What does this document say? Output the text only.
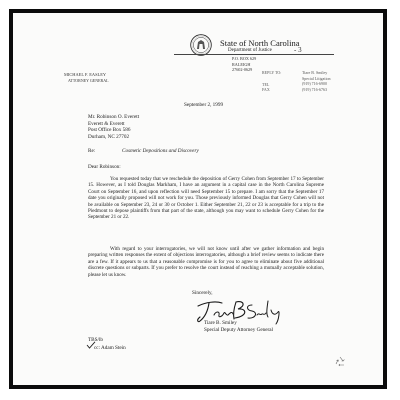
- 3
State of North Carolina
Department of Justice
P.O. BOX 629
RALEIGH
27602-0629
MICHAEL F. EASLEY
ATTORNEY GENERAL
REPLY TO:
TEL
FAX
Tiare B. Smiley
Special Litigation
(919) 716-6900
(919) 716-6763
September 2, 1999
Mr. Robinson O. Everett
Everett & Everett
Post Office Box 586
Durham, NC 27702
Re:	Cosmetic Depositions and Discovery
Dear Robinson:
You requested today that we reschedule the deposition of Gerry Cohen from September 17 to September 15. However, as I told Douglas Markham, I have an argument in a capital case in the North Carolina Supreme Court on September 16, and upon reflection will need September 15 to prepare. I am sorry that the September 17 date you originally proposed will not work for you. Those previously informed Douglas that Gerry Cohen will not be available on September 23, 24 or 30 or October 1. Either September 21, 22 or 23 is acceptable for a trip to the Piedmont to depose plaintiffs from that part of the state, although you may want to schedule Gerry Cohen for the September 21 or 22.
With regard to your interrogatories, we will not know until after we gather information and begin preparing written responses the extent of objections interrogatories, although a brief review seems to indicate there are a few. If it appears to us that a reasonable compromise is for you to agree to eliminate about five additional discrete questions or subparts. If you prefer to resolve the court instead of reaching a mutually acceptable solution, please let us know.
Sincerely,
Tiare B. Smiley
Special Deputy Attorney General
TBS/lb
cc: Adam Stein
